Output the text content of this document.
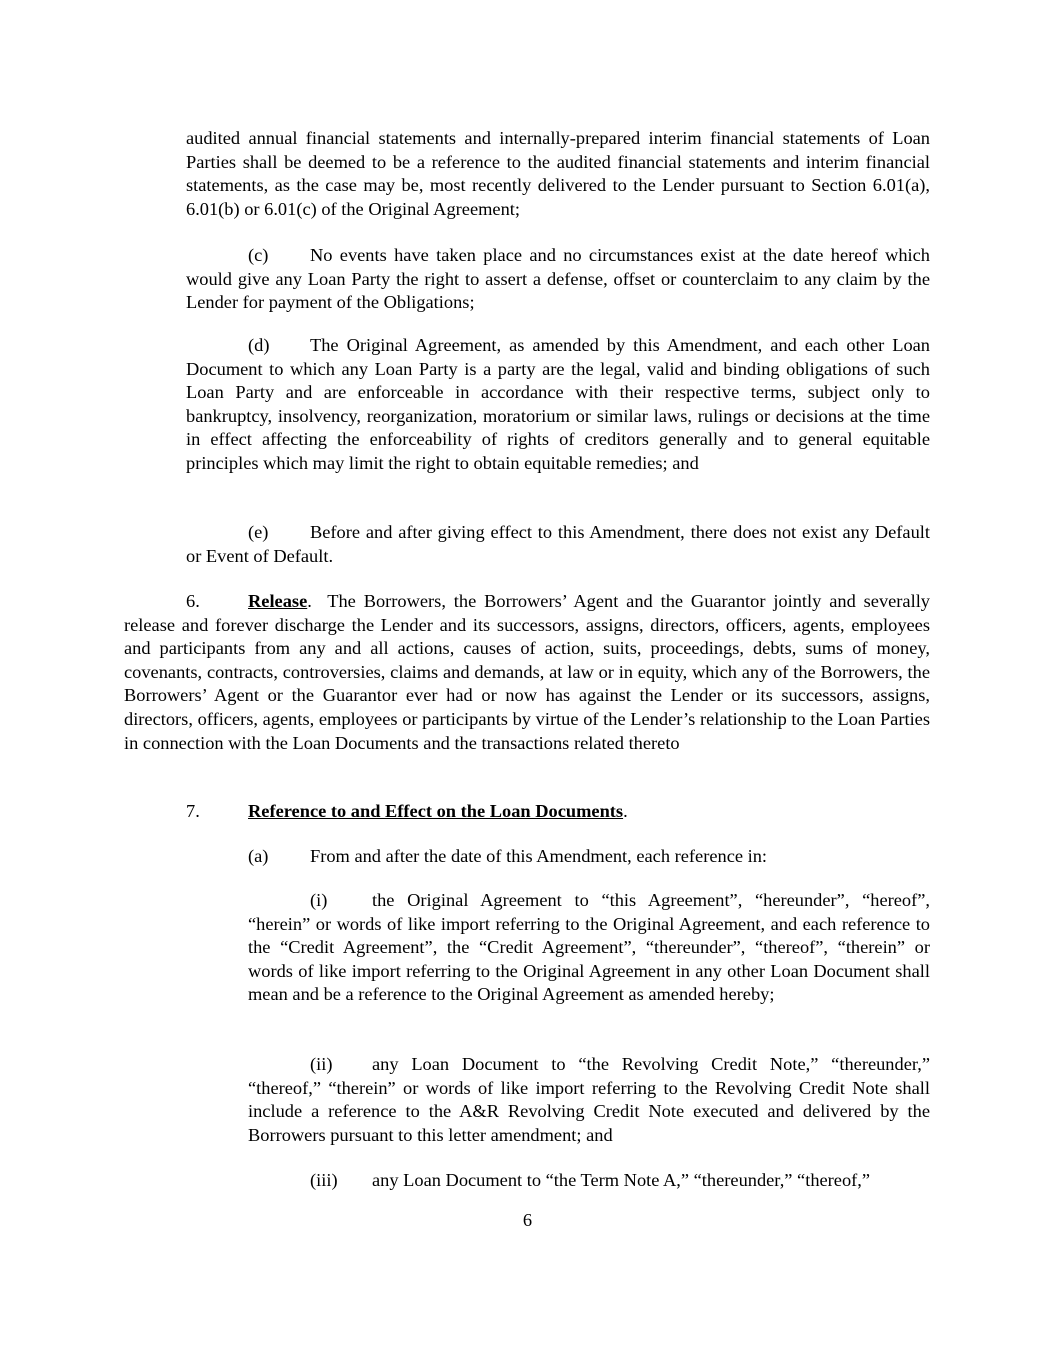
audited annual financial statements and internally-prepared interim financial statements of Loan Parties shall be deemed to be a reference to the audited financial statements and interim financial statements, as the case may be, most recently delivered to the Lender pursuant to Section 6.01(a), 6.01(b) or 6.01(c) of the Original Agreement;

(c) No events have taken place and no circumstances exist at the date hereof which would give any Loan Party the right to assert a defense, offset or counterclaim to any claim by the Lender for payment of the Obligations;

(d) The Original Agreement, as amended by this Amendment, and each other Loan Document to which any Loan Party is a party are the legal, valid and binding obligations of such Loan Party and are enforceable in accordance with their respective terms, subject only to bankruptcy, insolvency, reorganization, moratorium or similar laws, rulings or decisions at the time in effect affecting the enforceability of rights of creditors generally and to general equitable principles which may limit the right to obtain equitable remedies; and

(e) Before and after giving effect to this Amendment, there does not exist any Default or Event of Default.

6.	Release. The Borrowers, the Borrowers’ Agent and the Guarantor jointly and severally release and forever discharge the Lender and its successors, assigns, directors, officers, agents, employees and participants from any and all actions, causes of action, suits, proceedings, debts, sums of money, covenants, contracts, controversies, claims and demands, at law or in equity, which any of the Borrowers, the Borrowers’ Agent or the Guarantor ever had or now has against the Lender or its successors, assigns, directors, officers, agents, employees or participants by virtue of the Lender’s relationship to the Loan Parties in connection with the Loan Documents and the transactions related thereto

7.	Reference to and Effect on the Loan Documents.

(a) From and after the date of this Amendment, each reference in:

(i) the Original Agreement to “this Agreement”, “hereunder”, “hereof”, “herein” or words of like import referring to the Original Agreement, and each reference to the “Credit Agreement”, the “Credit Agreement”, “thereunder”, “thereof”, “therein” or words of like import referring to the Original Agreement in any other Loan Document shall mean and be a reference to the Original Agreement as amended hereby;

(ii) any Loan Document to “the Revolving Credit Note,” “thereunder,” “thereof,” “therein” or words of like import referring to the Revolving Credit Note shall include a reference to the A&R Revolving Credit Note executed and delivered by the Borrowers pursuant to this letter amendment; and

(iii) any Loan Document to “the Term Note A,” “thereunder,” “thereof,”

6
